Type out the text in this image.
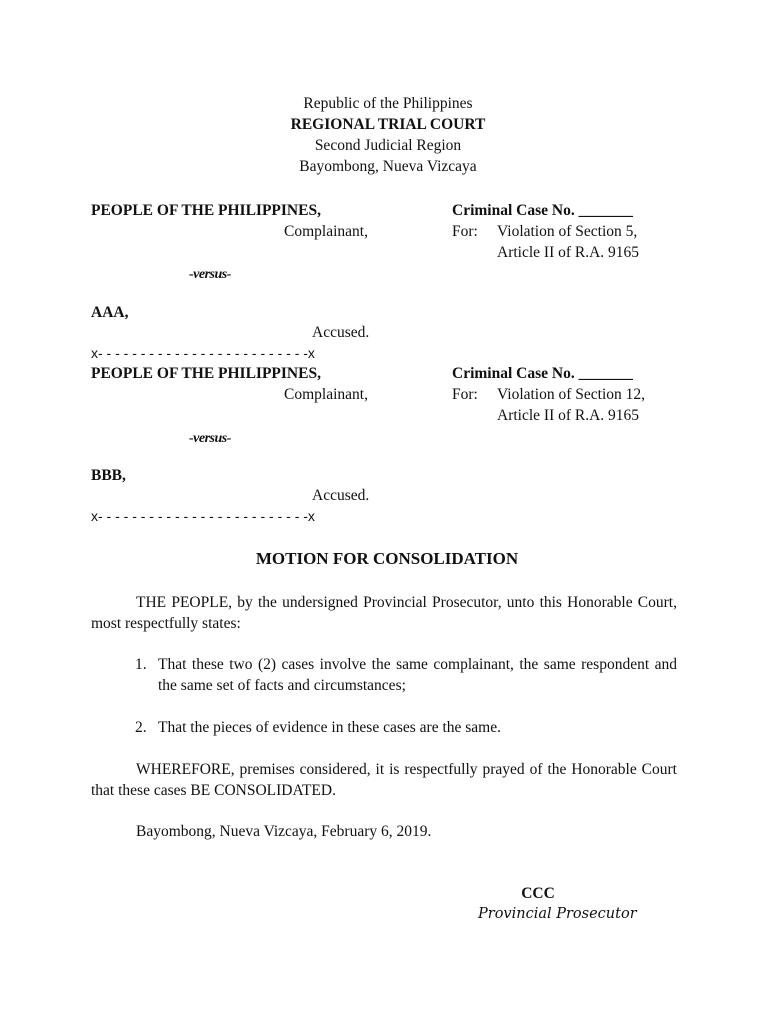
Republic of the Philippines
REGIONAL TRIAL COURT
Second Judicial Region
Bayombong, Nueva Vizcaya
PEOPLE OF THE PHILIPPINES,
Complainant,
-versus-
AAA,
Accused.
x- - - - - - - - - - - - - - - - - - - - - - - - -x
Criminal Case No. _______
For: Violation of Section 5,
Article II of R.A. 9165
PEOPLE OF THE PHILIPPINES,
Complainant,
-versus-
BBB,
Accused.
x- - - - - - - - - - - - - - - - - - - - - - - - -x
Criminal Case No. _______
For: Violation of Section 12,
Article II of R.A. 9165
MOTION FOR CONSOLIDATION
THE PEOPLE, by the undersigned Provincial Prosecutor, unto this Honorable Court, most respectfully states:
1. That these two (2) cases involve the same complainant, the same respondent and the same set of facts and circumstances;
2. That the pieces of evidence in these cases are the same.
WHEREFORE, premises considered, it is respectfully prayed of the Honorable Court that these cases BE CONSOLIDATED.
Bayombong, Nueva Vizcaya, February 6, 2019.
CCC
Provincial Prosecutor
